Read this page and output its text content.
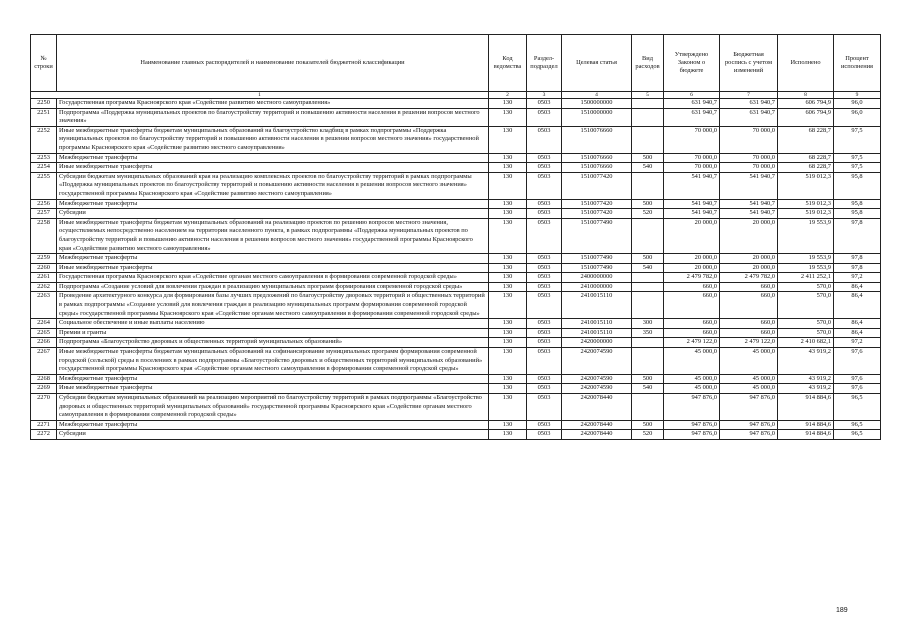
№ строки	Наименование главных распорядителей и наименование показателей бюджетной классификации	Код ведомства	Раздел-подраздел	Целевая статья	Вид расходов	Утверждено Законом о бюджете	Бюджетная роспись с учетом изменений	Исполнено	Процент исполнения
1		2	3	4	5	6	7	8	9
2250	Государственная программа Красноярского края «Содействие развитию местного самоуправления»	130	0503	1500000000		631 940,7	631 940,7	606 794,9	96,0
2251	Подпрограмма «Поддержка муниципальных проектов по благоустройству территорий и повышению активности населения в решении вопросов местного значения»	130	0503	1510000000		631 940,7	631 940,7	606 794,9	96,0
2252	Иные межбюджетные трансферты бюджетам муниципальных образований на благоустройство кладбищ в рамках подпрограммы «Поддержка муниципальных проектов по благоустройству территорий и повышению активности населения в решении вопросов местного значения» государственной программы Красноярского края «Содействие развитию местного самоуправления»	130	0503	1510076660		70 000,0	70 000,0	68 228,7	97,5
2253	Межбюджетные трансферты	130	0503	1510076660	500	70 000,0	70 000,0	68 228,7	97,5
2254	Иные межбюджетные трансферты	130	0503	1510076660	540	70 000,0	70 000,0	68 228,7	97,5
2255	Субсидии бюджетам муниципальных образований края на реализацию комплексных проектов по благоустройству территорий в рамках подпрограммы «Поддержка муниципальных проектов по благоустройству территорий и повышению активности населения в решении вопросов местного значения» государственной программы Красноярского края «Содействие развитию местного самоуправления»	130	0503	1510077420		541 940,7	541 940,7	519 012,3	95,8
2256	Межбюджетные трансферты	130	0503	1510077420	500	541 940,7	541 940,7	519 012,3	95,8
2257	Субсидии	130	0503	1510077420	520	541 940,7	541 940,7	519 012,3	95,8
2258	Иные межбюджетные трансферты бюджетам муниципальных образований на реализацию проектов по решению вопросов местного значения, осуществляемых непосредственно населением на территории населенного пункта, в рамках подпрограммы «Поддержка муниципальных проектов по благоустройству территорий и повышению активности населения в решении вопросов местного значения» государственной программы Красноярского края «Содействие развитию местного самоуправления»	130	0503	1510077490		20 000,0	20 000,0	19 553,9	97,8
2259	Межбюджетные трансферты	130	0503	1510077490	500	20 000,0	20 000,0	19 553,9	97,8
2260	Иные межбюджетные трансферты	130	0503	1510077490	540	20 000,0	20 000,0	19 553,9	97,8
2261	Государственная программа Красноярского края «Содействие органам местного самоуправления в формировании современной городской среды»	130	0503	2400000000		2 479 782,0	2 479 782,0	2 411 252,1	97,2
2262	Подпрограмма «Создание условий для вовлечения граждан в реализацию муниципальных программ формирования современной городской среды»	130	0503	2410000000		660,0	660,0	570,0	86,4
2263	Проведение архитектурного конкурса для формирования базы лучших предложений по благоустройству дворовых территорий и общественных территорий в рамках подпрограммы «Создание условий для вовлечения граждан в реализацию муниципальных программ формирования современной городской среды» государственной программы Красноярского края «Содействие органам местного самоуправления в формировании современной городской среды»	130	0503	2410015110		660,0	660,0	570,0	86,4
2264	Социальное обеспечение и иные выплаты населению	130	0503	2410015110	300	660,0	660,0	570,0	86,4
2265	Премии и гранты	130	0503	2410015110	350	660,0	660,0	570,0	86,4
2266	Подпрограмма «Благоустройство дворовых и общественных территорий муниципальных образований»	130	0503	2420000000		2 479 122,0	2 479 122,0	2 410 682,1	97,2
2267	Иные межбюджетные трансферты бюджетам муниципальных образований на софинансирование муниципальных программ формирования современной городской (сельской) среды в поселениях в рамках подпрограммы «Благоустройство дворовых и общественных территорий муниципальных образований» государственной программы Красноярского края «Содействие органам местного самоуправления в формировании современной городской среды»	130	0503	2420074590		45 000,0	45 000,0	43 919,2	97,6
2268	Межбюджетные трансферты	130	0503	2420074590	500	45 000,0	45 000,0	43 919,2	97,6
2269	Иные межбюджетные трансферты	130	0503	2420074590	540	45 000,0	45 000,0	43 919,2	97,6
2270	Субсидии бюджетам муниципальных образований на реализацию мероприятий по благоустройству территорий в рамках подпрограммы «Благоустройство дворовых и общественных территорий муниципальных образований» государственной программы Красноярского края «Содействие органам местного самоуправления в формировании современной городской среды»	130	0503	2420078440		947 876,0	947 876,0	914 884,6	96,5
2271	Межбюджетные трансферты	130	0503	2420078440	500	947 876,0	947 876,0	914 884,6	96,5
2272	Субсидии	130	0503	2420078440	520	947 876,0	947 876,0	914 884,6	96,5
189
